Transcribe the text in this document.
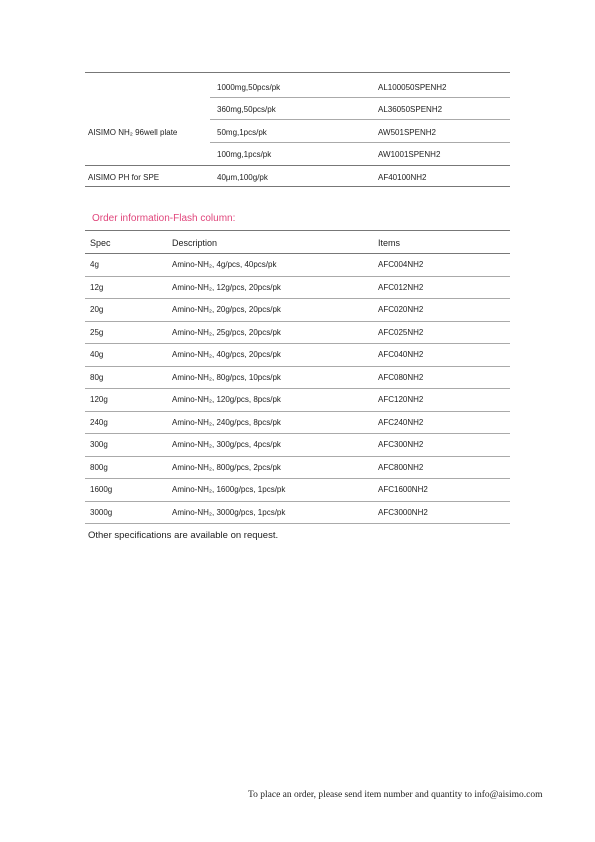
1000mg,50pcs/pk	AL100050SPENH2
360mg,50pcs/pk	AL36050SPENH2
AISIMO NH₂ 96well plate	50mg,1pcs/pk	AW501SPENH2
100mg,1pcs/pk	AW1001SPENH2
AISIMO PH for SPE	40μm,100g/pk	AF40100NH2
Order information-Flash column:
Spec	Description	Items
4g	Amino-NH₂, 4g/pcs, 40pcs/pk	AFC004NH2
12g	Amino-NH₂, 12g/pcs, 20pcs/pk	AFC012NH2
20g	Amino-NH₂, 20g/pcs, 20pcs/pk	AFC020NH2
25g	Amino-NH₂, 25g/pcs, 20pcs/pk	AFC025NH2
40g	Amino-NH₂, 40g/pcs, 20pcs/pk	AFC040NH2
80g	Amino-NH₂, 80g/pcs, 10pcs/pk	AFC080NH2
120g	Amino-NH₂, 120g/pcs, 8pcs/pk	AFC120NH2
240g	Amino-NH₂, 240g/pcs, 8pcs/pk	AFC240NH2
300g	Amino-NH₂, 300g/pcs, 4pcs/pk	AFC300NH2
800g	Amino-NH₂, 800g/pcs, 2pcs/pk	AFC800NH2
1600g	Amino-NH₂, 1600g/pcs, 1pcs/pk	AFC1600NH2
3000g	Amino-NH₂, 3000g/pcs, 1pcs/pk	AFC3000NH2
Other specifications are available on request.
To place an order, please send item number and quantity to info@aisimo.com
